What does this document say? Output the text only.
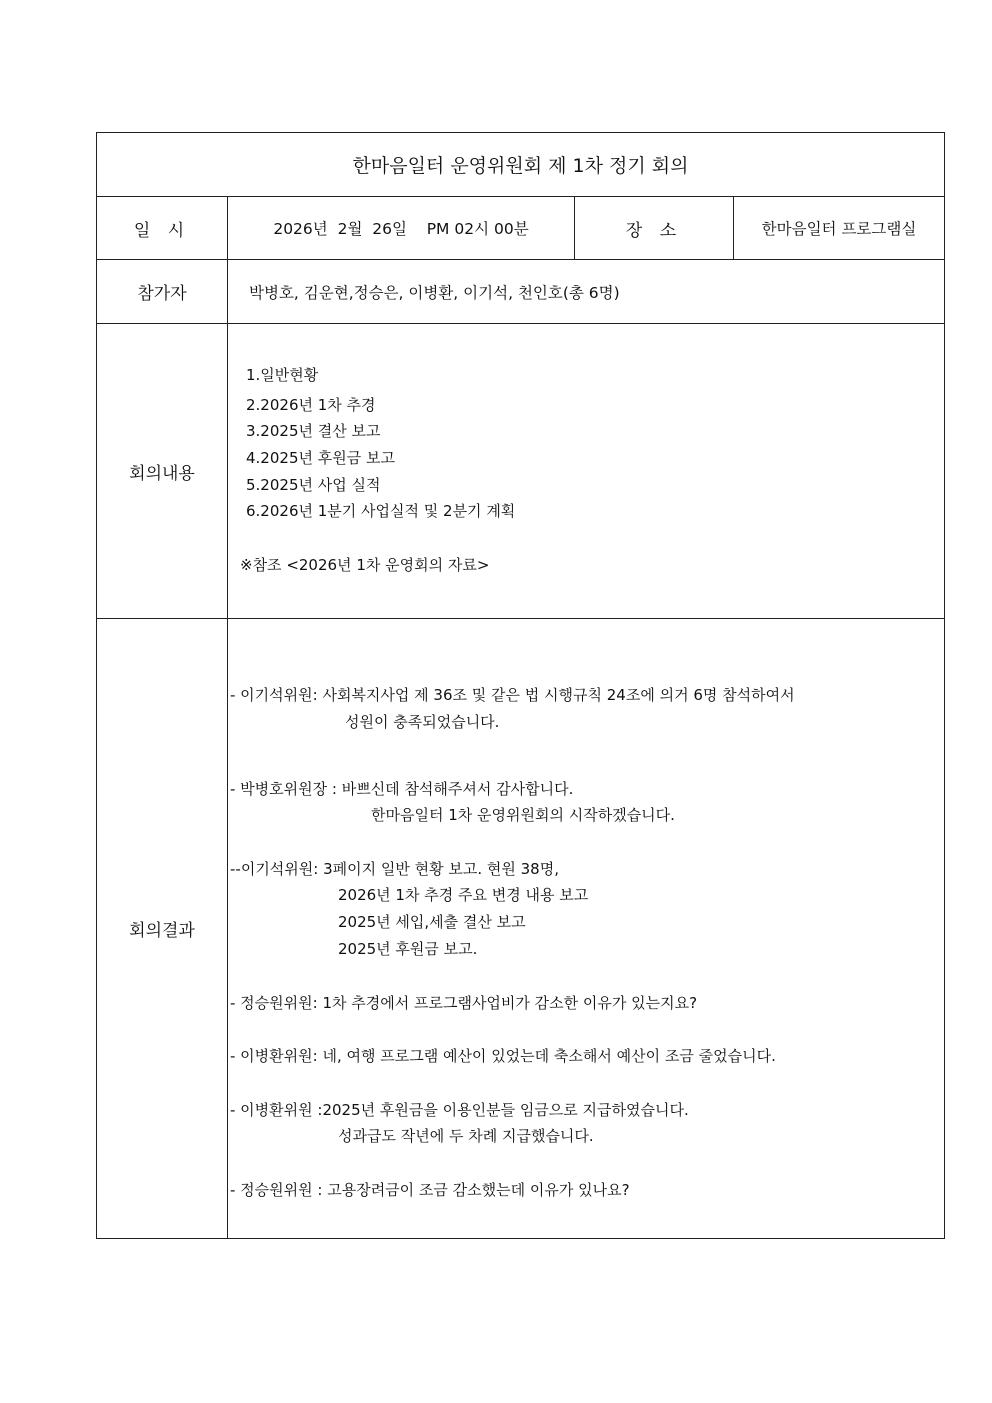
한마음일터 운영위원회 제 1차 정기 회의
일 시	2026년  2월  26일    PM 02시 00분	장 소	한마음일터 프로그램실
참가자	박병호, 김운현,정승은, 이병환, 이기석, 천인호(총 6명)
회의내용
1.일반현황
2.2026년 1차 추경
3.2025년 결산 보고
4.2025년 후원금 보고
5.2025년 사업 실적
6.2026년 1분기 사업실적 및 2분기 계획
※참조 <2026년 1차 운영회의 자료>
회의결과
- 이기석위원: 사회복지사업 제 36조 및 같은 법 시행규칙 24조에 의거 6명 참석하여서
성원이 충족되었습니다.
- 박병호위원장 : 바쁘신데 참석해주셔서 감사합니다.
한마음일터 1차 운영위원회의 시작하겠습니다.
--이기석위원: 3페이지 일반 현황 보고. 현원 38명,
2026년 1차 추경 주요 변경 내용 보고
2025년 세입,세출 결산 보고
2025년 후원금 보고.
- 정승원위원: 1차 추경에서 프로그램사업비가 감소한 이유가 있는지요?
- 이병환위원: 네, 여행 프로그램 예산이 있었는데 축소해서 예산이 조금 줄었습니다.
- 이병환위원 :2025년 후원금을 이용인분들 임금으로 지급하였습니다.
성과급도 작년에 두 차례 지급했습니다.
- 정승원위원 : 고용장려금이 조금 감소했는데 이유가 있나요?
